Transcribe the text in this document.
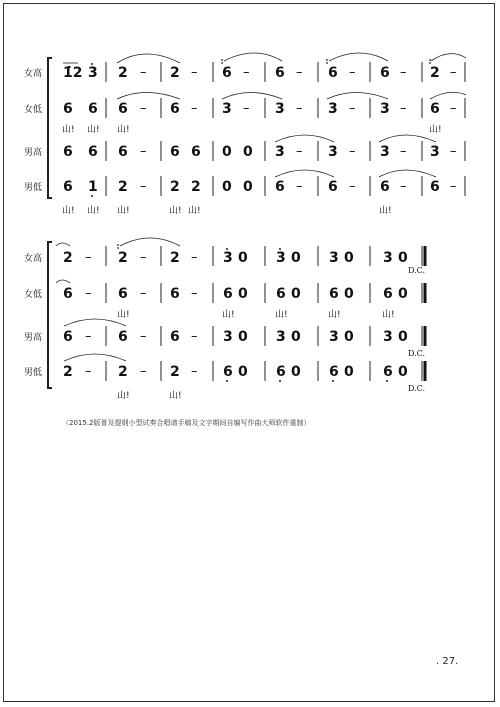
女高
女低
男高
男低
1̇2 3 2 – 2 – 6 – 6 – 6 – 6 – 2 –
6 6 6 – 6 – 3 – 3 – 3 – 3 – 6 –
山! 山! 山!	山!
6 6 6 – 6 6 0 0 3 – 3 – 3 – 3 –
6 1 2 – 2 2 0 0 6 – 6 – 6 – 6 –
山! 山! 山!	山! 山!	山!
女高
女低
男高
男低
2 – 2 – 2 – 3 0 3 0 3 0 3 0
D.C.
6 – 6 – 6 – 6 0 6 0 6 0 6 0
山!	山!	山!	山!	山!
6 – 6 – 6 – 3 0 3 0 3 0 3 0
D.C.
2 – 2 – 2 – 6 0 6 0 6 0 6 0
山!	山!
D.C.
（2015.2版普及提纲小型试奏合唱谱手稿及文字期间自编写作曲大师软件重制）
. 27.
